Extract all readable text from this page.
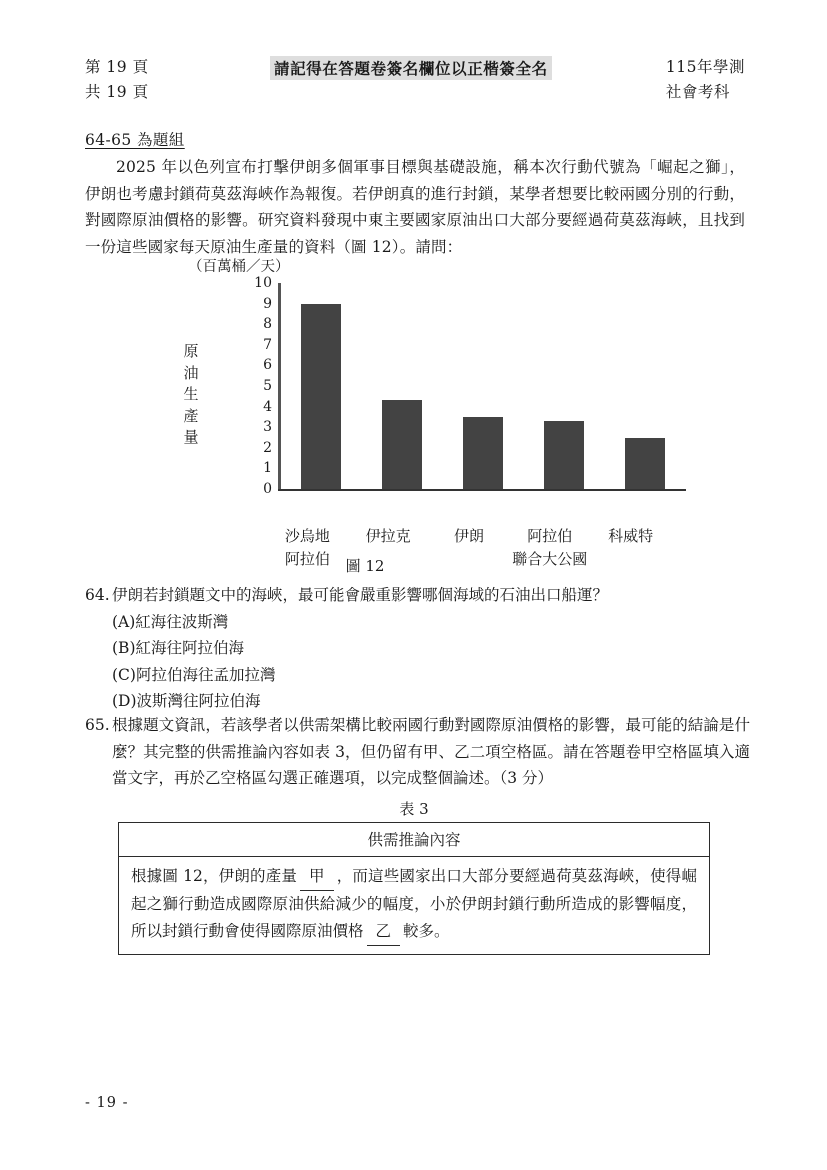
第 19 頁
共 19 頁
請記得在答題卷簽名欄位以正楷簽全名	115年學測
社會考科
64-65 為題組
2025 年以色列宣布打擊伊朗多個軍事目標與基礎設施，稱本次行動代號為「崛起之獅」，伊朗也考慮封鎖荷莫茲海峽作為報復。若伊朗真的進行封鎖，某學者想要比較兩國分別的行動，對國際原油價格的影響。研究資料發現中東主要國家原油出口大部分要經過荷莫茲海峽，且找到一份這些國家每天原油生產量的資料（圖 12）。請問：
（百萬桶／天）
原
油
生
產
量
10
9
8
7
6
5
4
3
2
1
0
沙烏地
阿拉伯
伊拉克	伊朗	阿拉伯
聯合大公國
科威特
圖 12
64. 伊朗若封鎖題文中的海峽，最可能會嚴重影響哪個海域的石油出口船運？
(A)紅海往波斯灣
(B)紅海往阿拉伯海
(C)阿拉伯海往孟加拉灣
(D)波斯灣往阿拉伯海
65. 根據題文資訊，若該學者以供需架構比較兩國行動對國際原油價格的影響，最可能的結論是什麼？其完整的供需推論內容如表 3，但仍留有甲、乙二項空格區。請在答題卷甲空格區填入適當文字，再於乙空格區勾選正確選項，以完成整個論述。（3 分）
表 3
供需推論內容
根據圖 12，伊朗的產量 甲 ，而這些國家出口大部分要經過荷莫茲海峽，使得崛起之獅行動造成國際原油供給減少的幅度，小於伊朗封鎖行動所造成的影響幅度，所以封鎖行動會使得國際原油價格 乙 較多。
- 19 -
